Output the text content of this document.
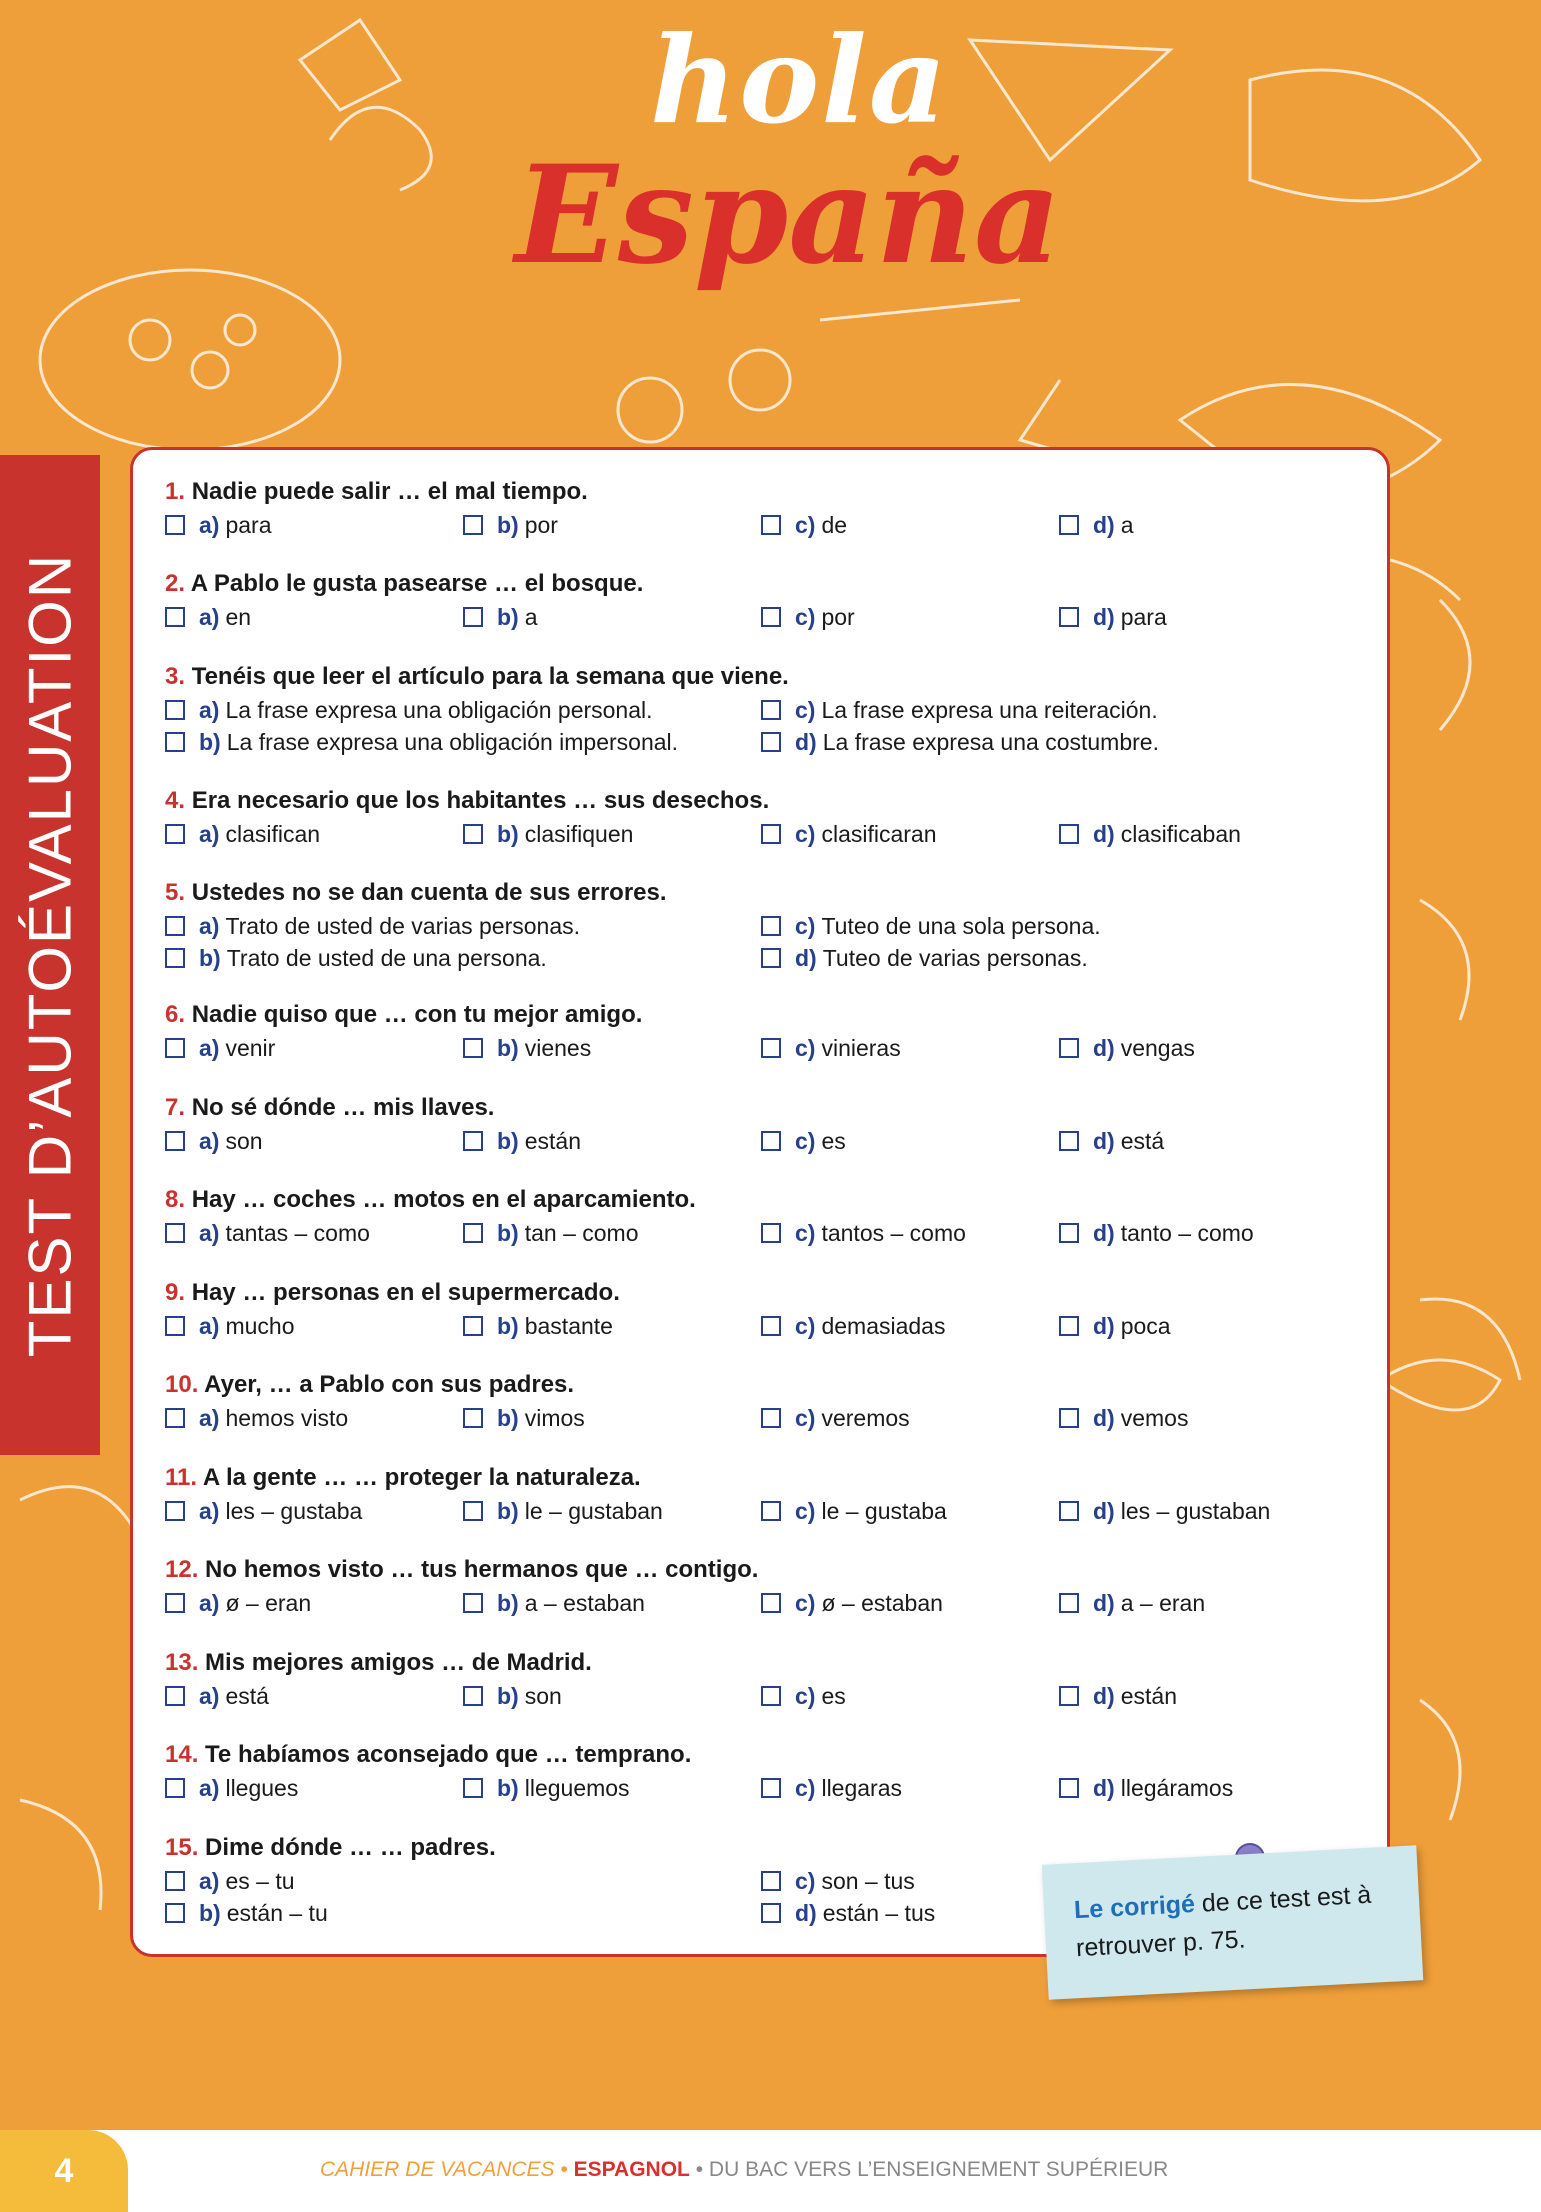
hola
España
TEST D’AUTOÉVALUATION
1. Nadie puede salir … el mal tiempo.
a) para	b) por	c) de	d) a
2. A Pablo le gusta pasearse … el bosque.
a) en	b) a	c) por	d) para
3. Tenéis que leer el artículo para la semana que viene.
a) La frase expresa una obligación personal.	c) La frase expresa una reiteración.
b) La frase expresa una obligación impersonal.	d) La frase expresa una costumbre.
4. Era necesario que los habitantes … sus desechos.
a) clasifican	b) clasifiquen	c) clasificaran	d) clasificaban
5. Ustedes no se dan cuenta de sus errores.
a) Trato de usted de varias personas.	c) Tuteo de una sola persona.
b) Trato de usted de una persona.	d) Tuteo de varias personas.
6. Nadie quiso que … con tu mejor amigo.
a) venir	b) vienes	c) vinieras	d) vengas
7. No sé dónde … mis llaves.
a) son	b) están	c) es	d) está
8. Hay … coches … motos en el aparcamiento.
a) tantas – como	b) tan – como	c) tantos – como	d) tanto – como
9. Hay … personas en el supermercado.
a) mucho	b) bastante	c) demasiadas	d) poca
10. Ayer, … a Pablo con sus padres.
a) hemos visto	b) vimos	c) veremos	d) vemos
11. A la gente … … proteger la naturaleza.
a) les – gustaba	b) le – gustaban	c) le – gustaba	d) les – gustaban
12. No hemos visto … tus hermanos que … contigo.
a) ø – eran	b) a – estaban	c) ø – estaban	d) a – eran
13. Mis mejores amigos … de Madrid.
a) está	b) son	c) es	d) están
14. Te habíamos aconsejado que … temprano.
a) llegues	b) lleguemos	c) llegaras	d) llegáramos
15. Dime dónde … … padres.
a) es – tu	c) son – tus
b) están – tu	d) están – tus	Le corrigé de ce test est à retrouver p. 75.
4	CAHIER DE VACANCES • ESPAGNOL • DU BAC VERS L’ENSEIGNEMENT SUPÉRIEUR
